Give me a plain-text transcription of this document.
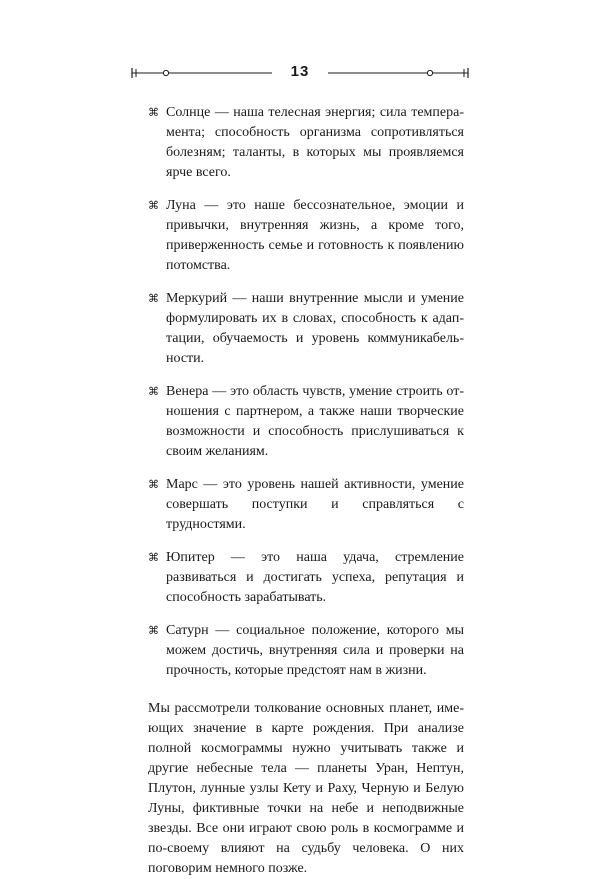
13
⌘ Солнце — наша телесная энергия; сила темперамента; способность организма сопротивляться болезням; таланты, в которых мы проявляемся ярче всего.
⌘ Луна — это наше бессознательное, эмоции и привычки, внутренняя жизнь, а кроме того, приверженность семье и готовность к появлению потомства.
⌘ Меркурий — наши внутренние мысли и умение формулировать их в словах, способность к адаптации, обучаемость и уровень коммуникабельности.
⌘ Венера — это область чувств, умение строить отношения с партнером, а также наши творческие возможности и способность прислушиваться к своим желаниям.
⌘ Марс — это уровень нашей активности, умение совершать поступки и справляться с трудностями.
⌘ Юпитер — это наша удача, стремление развиваться и достигать успеха, репутация и способность зарабатывать.
⌘ Сатурн — социальное положение, которого мы можем достичь, внутренняя сила и проверки на прочность, которые предстоят нам в жизни.

Мы рассмотрели толкование основных планет, имеющих значение в карте рождения. При анализе полной космограммы нужно учитывать также и другие небесные тела — планеты Уран, Нептун, Плутон, лунные узлы Кету и Раху, Черную и Белую Луны, фиктивные точки на небе и неподвижные звезды. Все они играют свою роль в космограмме и по-своему влияют на судьбу человека. О них поговорим немного позже.
